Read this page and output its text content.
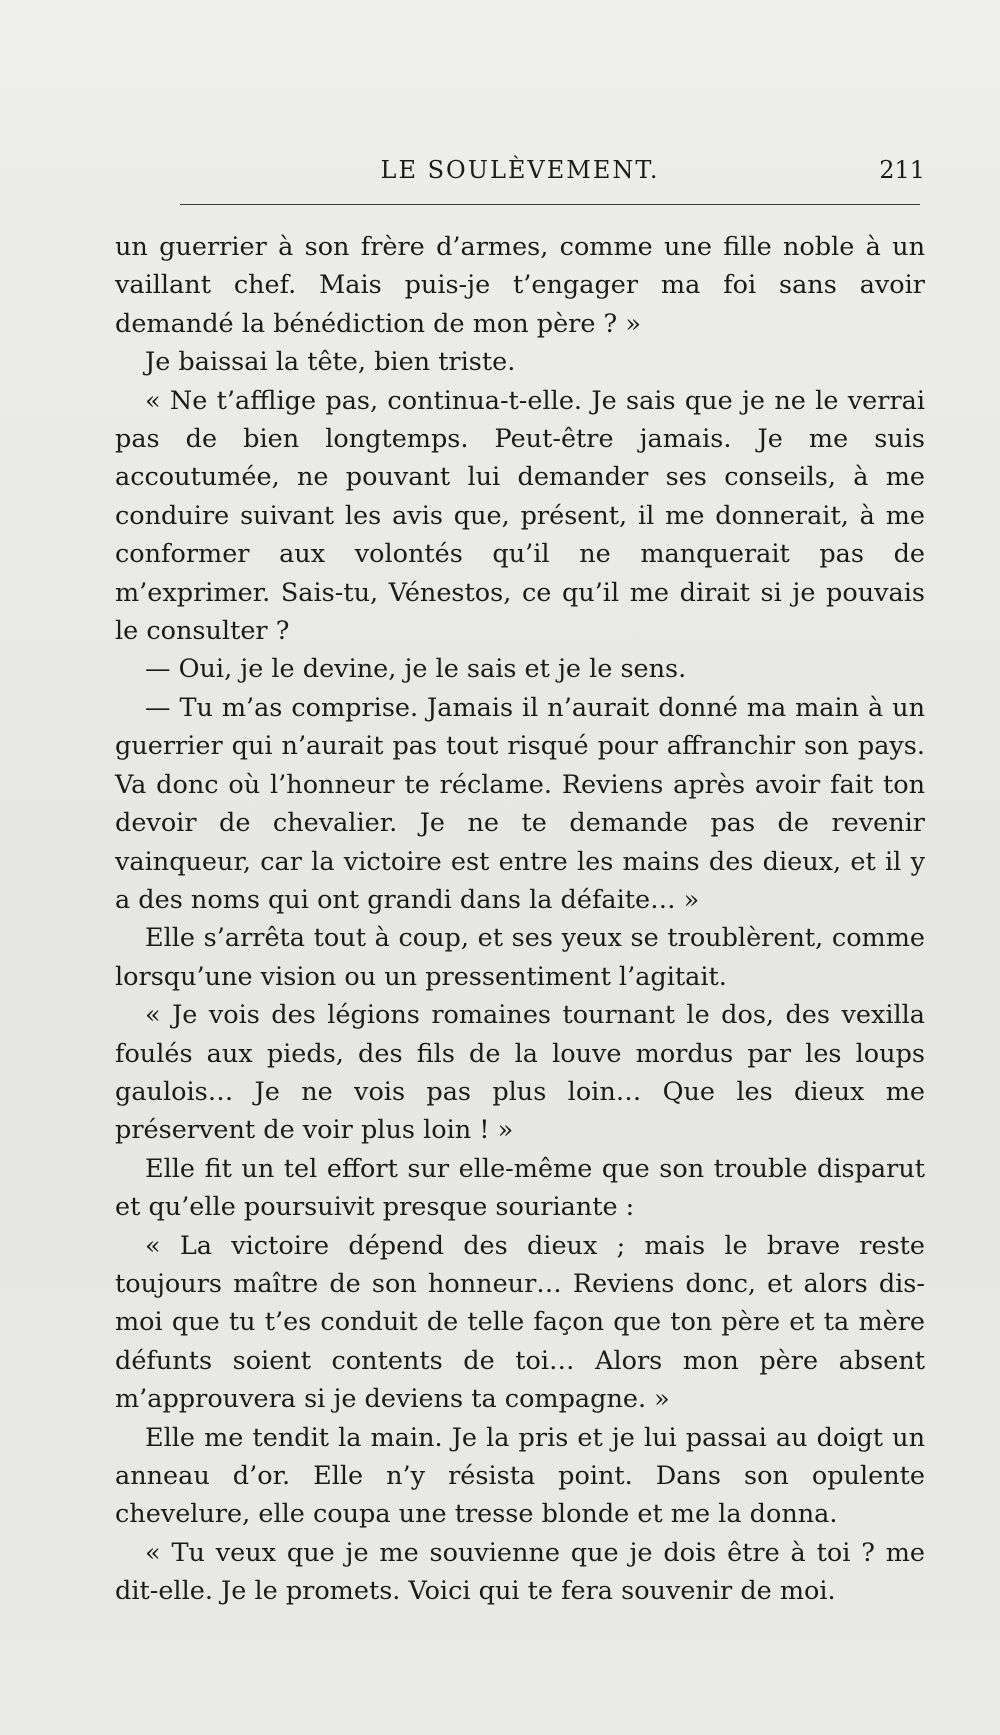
LE SOULÈVEMENT.	211

un guerrier à son frère d’armes, comme une fille noble à un vaillant chef. Mais puis-je t’engager ma foi sans avoir demandé la bénédiction de mon père ? »

Je baissai la tête, bien triste.

« Ne t’afflige pas, continua-t-elle. Je sais que je ne le verrai pas de bien longtemps. Peut-être jamais. Je me suis accoutumée, ne pouvant lui demander ses conseils, à me conduire suivant les avis que, présent, il me donnerait, à me conformer aux volontés qu’il ne manquerait pas de m’exprimer. Sais-tu, Vénestos, ce qu’il me dirait si je pouvais le consulter ?

— Oui, je le devine, je le sais et je le sens.

— Tu m’as comprise. Jamais il n’aurait donné ma main à un guerrier qui n’aurait pas tout risqué pour affranchir son pays. Va donc où l’honneur te réclame. Reviens après avoir fait ton devoir de chevalier. Je ne te demande pas de revenir vainqueur, car la victoire est entre les mains des dieux, et il y a des noms qui ont grandi dans la défaite… »

Elle s’arrêta tout à coup, et ses yeux se troublèrent, comme lorsqu’une vision ou un pressentiment l’agitait.

« Je vois des légions romaines tournant le dos, des vexilla foulés aux pieds, des fils de la louve mordus par les loups gaulois… Je ne vois pas plus loin… Que les dieux me préservent de voir plus loin ! »

Elle fit un tel effort sur elle-même que son trouble disparut et qu’elle poursuivit presque souriante :

« La victoire dépend des dieux ; mais le brave reste toujours maître de son honneur… Reviens donc, et alors dis-moi que tu t’es conduit de telle façon que ton père et ta mère défunts soient contents de toi… Alors mon père absent m’approuvera si je deviens ta compagne. »

Elle me tendit la main. Je la pris et je lui passai au doigt un anneau d’or. Elle n’y résista point. Dans son opulente chevelure, elle coupa une tresse blonde et me la donna.

« Tu veux que je me souvienne que je dois être à toi ? me dit-elle. Je le promets. Voici qui te fera souvenir de moi.
